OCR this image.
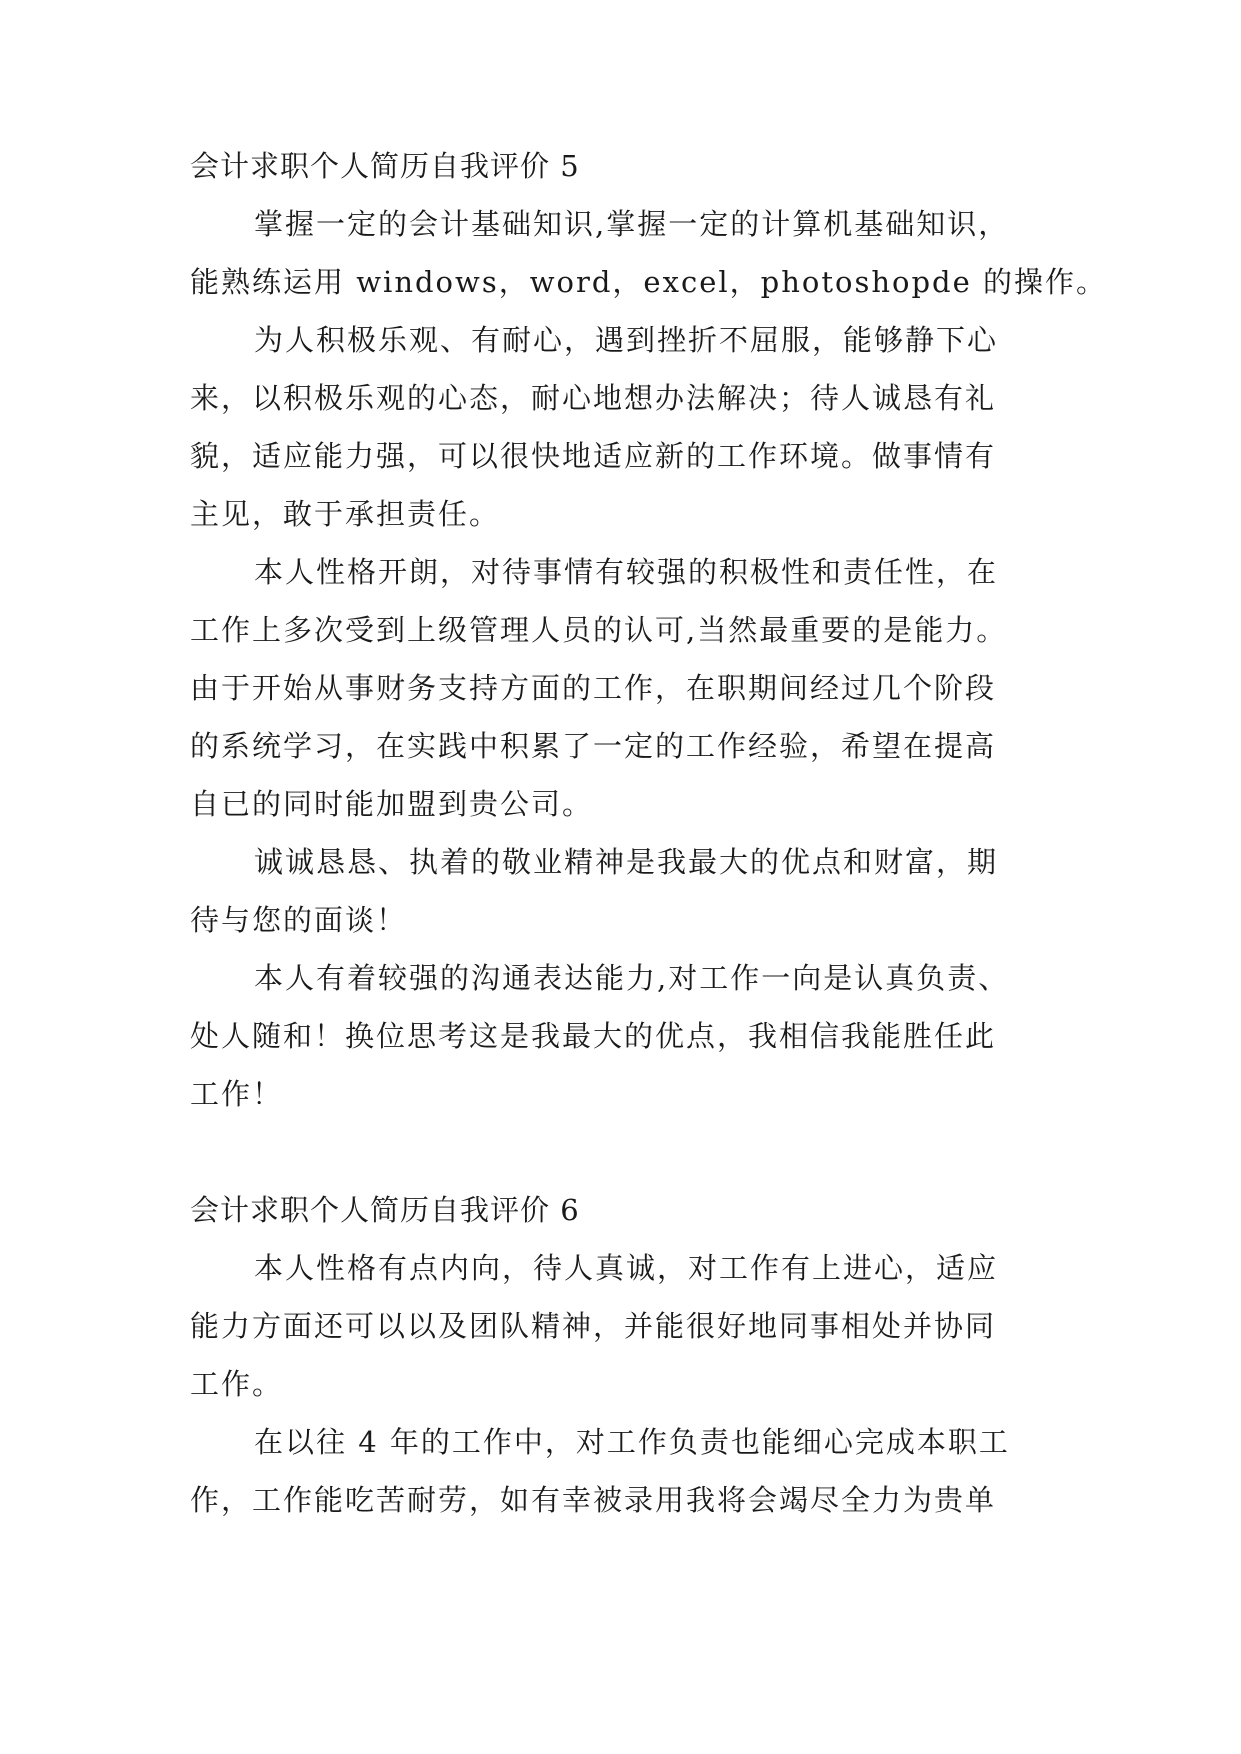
会计求职个人简历自我评价 5

掌握一定的会计基础知识,掌握一定的计算机基础知识，

能熟练运用 windows，word，excel，photoshopde 的操作。

为人积极乐观、有耐心，遇到挫折不屈服，能够静下心

来，以积极乐观的心态，耐心地想办法解决；待人诚恳有礼

貌，适应能力强，可以很快地适应新的工作环境。做事情有

主见，敢于承担责任。

本人性格开朗，对待事情有较强的积极性和责任性，在

工作上多次受到上级管理人员的认可,当然最重要的是能力。

由于开始从事财务支持方面的工作，在职期间经过几个阶段

的系统学习，在实践中积累了一定的工作经验，希望在提高

自已的同时能加盟到贵公司。

诚诚恳恳、执着的敬业精神是我最大的优点和财富，期

待与您的面谈！

本人有着较强的沟通表达能力,对工作一向是认真负责、

处人随和！换位思考这是我最大的优点，我相信我能胜任此

工作！

会计求职个人简历自我评价 6

本人性格有点内向，待人真诚，对工作有上进心，适应

能力方面还可以以及团队精神，并能很好地同事相处并协同

工作。

在以往 4 年的工作中，对工作负责也能细心完成本职工

作，工作能吃苦耐劳，如有幸被录用我将会竭尽全力为贵单
